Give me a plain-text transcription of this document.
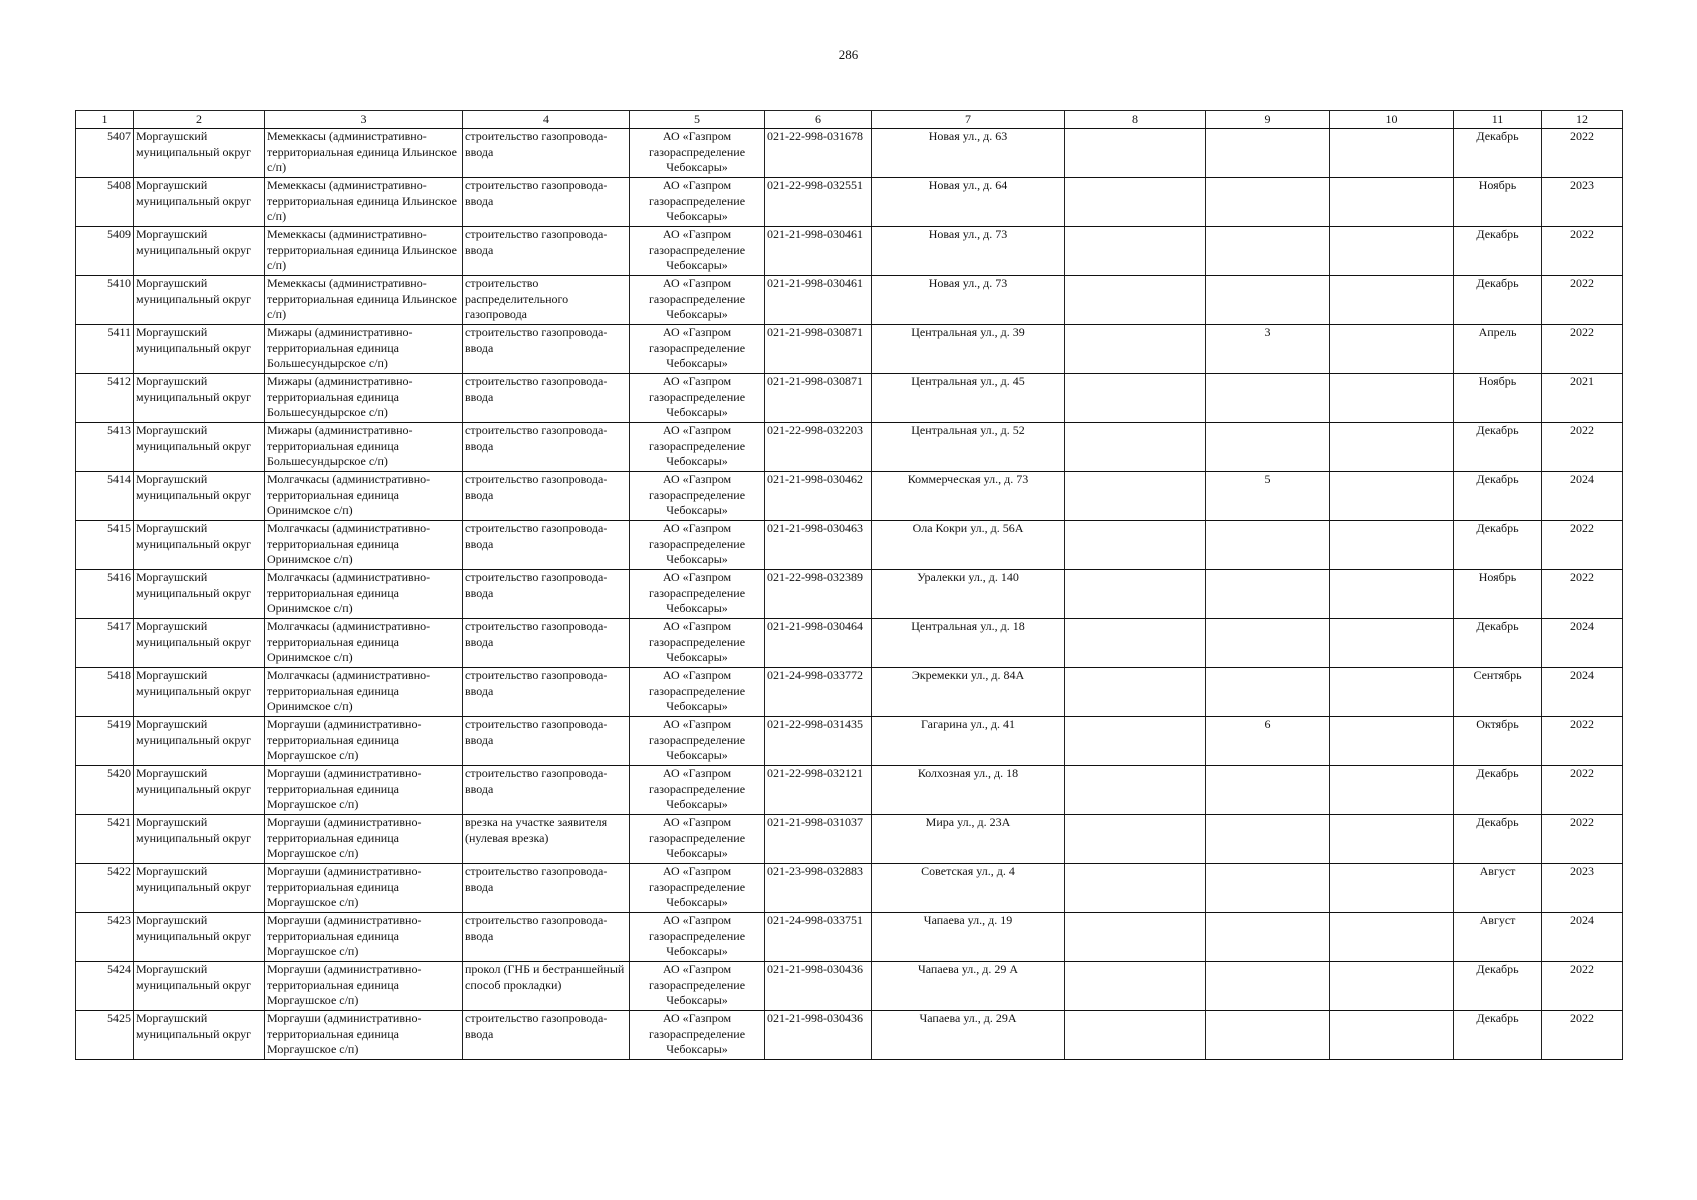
286
1	2	3	4	5	6	7	8	9	10	11	12
5407	Моргаушский муниципальный округ	Мемеккасы (административно-территориальная единица Ильинское с/п)	строительство газопровода-ввода	АО «Газпром газораспределение Чебоксары»	021-22-998-031678	Новая ул., д. 63				Декабрь	2022
5408	Моргаушский муниципальный округ	Мемеккасы (административно-территориальная единица Ильинское с/п)	строительство газопровода-ввода	АО «Газпром газораспределение Чебоксары»	021-22-998-032551	Новая ул., д. 64				Ноябрь	2023
5409	Моргаушский муниципальный округ	Мемеккасы (административно-территориальная единица Ильинское с/п)	строительство газопровода-ввода	АО «Газпром газораспределение Чебоксары»	021-21-998-030461	Новая ул., д. 73				Декабрь	2022
5410	Моргаушский муниципальный округ	Мемеккасы (административно-территориальная единица Ильинское с/п)	строительство распределительного газопровода	АО «Газпром газораспределение Чебоксары»	021-21-998-030461	Новая ул., д. 73				Декабрь	2022
5411	Моргаушский муниципальный округ	Мижары (административно-территориальная единица Большесундырское с/п)	строительство газопровода-ввода	АО «Газпром газораспределение Чебоксары»	021-21-998-030871	Центральная ул., д. 39		3		Апрель	2022
5412	Моргаушский муниципальный округ	Мижары (административно-территориальная единица Большесундырское с/п)	строительство газопровода-ввода	АО «Газпром газораспределение Чебоксары»	021-21-998-030871	Центральная ул., д. 45				Ноябрь	2021
5413	Моргаушский муниципальный округ	Мижары (административно-территориальная единица Большесундырское с/п)	строительство газопровода-ввода	АО «Газпром газораспределение Чебоксары»	021-22-998-032203	Центральная ул., д. 52				Декабрь	2022
5414	Моргаушский муниципальный округ	Молгачкасы (административно-территориальная единица Оринимское с/п)	строительство газопровода-ввода	АО «Газпром газораспределение Чебоксары»	021-21-998-030462	Коммерческая ул., д. 73		5		Декабрь	2024
5415	Моргаушский муниципальный округ	Молгачкасы (административно-территориальная единица Оринимское с/п)	строительство газопровода-ввода	АО «Газпром газораспределение Чебоксары»	021-21-998-030463	Ола Кокри ул., д. 56А				Декабрь	2022
5416	Моргаушский муниципальный округ	Молгачкасы (административно-территориальная единица Оринимское с/п)	строительство газопровода-ввода	АО «Газпром газораспределение Чебоксары»	021-22-998-032389	Уралекки ул., д. 140				Ноябрь	2022
5417	Моргаушский муниципальный округ	Молгачкасы (административно-территориальная единица Оринимское с/п)	строительство газопровода-ввода	АО «Газпром газораспределение Чебоксары»	021-21-998-030464	Центральная ул., д. 18				Декабрь	2024
5418	Моргаушский муниципальный округ	Молгачкасы (административно-территориальная единица Оринимское с/п)	строительство газопровода-ввода	АО «Газпром газораспределение Чебоксары»	021-24-998-033772	Экремекки ул., д. 84А				Сентябрь	2024
5419	Моргаушский муниципальный округ	Моргауши (административно-территориальная единица Моргаушское с/п)	строительство газопровода-ввода	АО «Газпром газораспределение Чебоксары»	021-22-998-031435	Гагарина ул., д. 41		6		Октябрь	2022
5420	Моргаушский муниципальный округ	Моргауши (административно-территориальная единица Моргаушское с/п)	строительство газопровода-ввода	АО «Газпром газораспределение Чебоксары»	021-22-998-032121	Колхозная ул., д. 18				Декабрь	2022
5421	Моргаушский муниципальный округ	Моргауши (административно-территориальная единица Моргаушское с/п)	врезка на участке заявителя (нулевая врезка)	АО «Газпром газораспределение Чебоксары»	021-21-998-031037	Мира ул., д. 23А				Декабрь	2022
5422	Моргаушский муниципальный округ	Моргауши (административно-территориальная единица Моргаушское с/п)	строительство газопровода-ввода	АО «Газпром газораспределение Чебоксары»	021-23-998-032883	Советская ул., д. 4				Август	2023
5423	Моргаушский муниципальный округ	Моргауши (административно-территориальная единица Моргаушское с/п)	строительство газопровода-ввода	АО «Газпром газораспределение Чебоксары»	021-24-998-033751	Чапаева ул., д. 19				Август	2024
5424	Моргаушский муниципальный округ	Моргауши (административно-территориальная единица Моргаушское с/п)	прокол (ГНБ и бестраншейный способ прокладки)	АО «Газпром газораспределение Чебоксары»	021-21-998-030436	Чапаева ул., д. 29 А				Декабрь	2022
5425	Моргаушский муниципальный округ	Моргауши (административно-территориальная единица Моргаушское с/п)	строительство газопровода-ввода	АО «Газпром газораспределение Чебоксары»	021-21-998-030436	Чапаева ул., д. 29А				Декабрь	2022
